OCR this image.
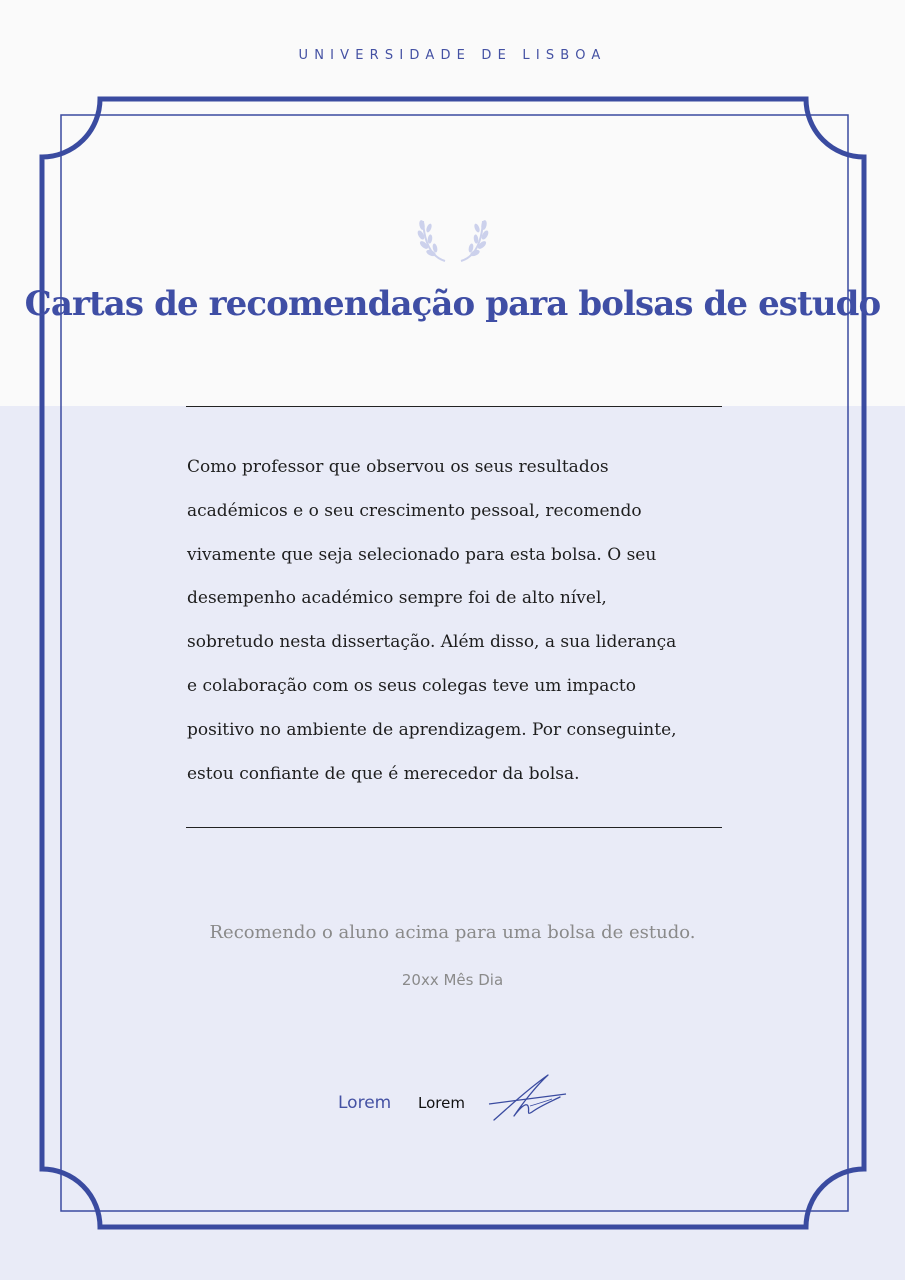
UNIVERSIDADE DE LISBOA
Cartas de recomendação para bolsas de estudo

Como professor que observou os seus resultados
académicos e o seu crescimento pessoal, recomendo
vivamente que seja selecionado para esta bolsa. O seu
desempenho académico sempre foi de alto nível,
sobretudo nesta dissertação. Além disso, a sua liderança
e colaboração com os seus colegas teve um impacto
positivo no ambiente de aprendizagem. Por conseguinte,
estou confiante de que é merecedor da bolsa.

Recomendo o aluno acima para uma bolsa de estudo.
20xx Mês Dia
Lorem Lorem
